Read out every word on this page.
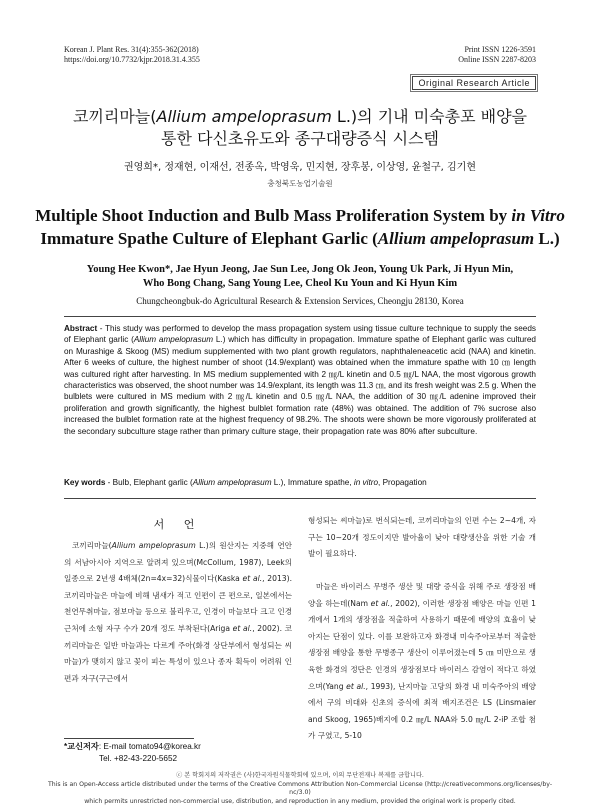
Korean J. Plant Res. 31(4):355-362(2018)
https://doi.org/10.7732/kjpr.2018.31.4.355
Print ISSN 1226-3591
Online ISSN 2287-8203
Original Research Article
코끼리마늘(Allium ampeloprasum L.)의 기내 미숙총포 배양을
통한 다신초유도와 종구대량증식 시스템
권영희*, 정재현, 이재선, 전종옥, 박영욱, 민지현, 장후봉, 이상영, 윤철구, 김기현
충청북도농업기술원
Multiple Shoot Induction and Bulb Mass Proliferation System by in Vitro
Immature Spathe Culture of Elephant Garlic (Allium ampeloprasum L.)
Young Hee Kwon*, Jae Hyun Jeong, Jae Sun Lee, Jong Ok Jeon, Young Uk Park, Ji Hyun Min,
Who Bong Chang, Sang Young Lee, Cheol Ku Youn and Ki Hyun Kim
Chungcheongbuk-do Agricultural Research & Extension Services, Cheongju 28130, Korea
Abstract - This study was performed to develop the mass propagation system using tissue culture technique to supply the seeds of Elephant garlic (Allium ampeloprasum L.) which has difficulty in propagation. Immature spathe of Elephant garlic was cultured on Murashige & Skoog (MS) medium supplemented with two plant growth regulators, naphthaleneacetic acid (NAA) and kinetin. After 6 weeks of culture, the highest number of shoot (14.9/explant) was obtained when the immature spathe with 10 ㎝ length was cultured right after harvesting. In MS medium supplemented with 2 ㎎/L kinetin and 0.5 ㎎/L NAA, the most vigorous growth characteristics was observed, the shoot number was 14.9/explant, its length was 11.3 ㎝, and its fresh weight was 2.5 g. When the bulblets were cultured in MS medium with 2 ㎎/L kinetin and 0.5 ㎎/L NAA, the addition of 30 ㎎/L adenine improved their proliferation and growth significantly, the highest bulblet formation rate (48%) was obtained. The addition of 7% sucrose also increased the bulblet formation rate at the highest frequency of 98.2%. The shoots were shown be more vigorously proliferated at the secondary subculture stage rather than primary culture stage, their propagation rate was 80% after subculture.
Key words - Bulb, Elephant garlic (Allium ampeloprasum L.), Immature spathe, in vitro, Propagation
서 언
코끼리마늘(Allium ampeloprasum L.)의 원산지는 지중해 연안의 서남아시아 지역으로 알려져 있으며(McCollum, 1987), Leek의 일종으로 2년생 4배체(2n=4x=32)식물이다(Kaska et al., 2013). 코끼리마늘은 마늘에 비해 냄새가 적고 인편이 큰 편으로, 일본에서는 천연무취마늘, 점보마늘 등으로 불리우고, 인경이 마늘보다 크고 인경 근처에 소형 자구 수가 20개 정도 부착된다(Ariga et al., 2002). 코끼리마늘은 일반 마늘과는 다르게 주아(화경 상단부에서 형성되는 씨마늘)가 맺히지 않고 꽃이 피는 특성이 있으나 종자 획득이 어려워 인편과 자구(구근에서
*교신저자: E-mail tomato94@korea.kr
Tel. +82-43-220-5652
형성되는 씨마늘)로 번식되는데, 코끼리마늘의 인편 수는 2~4개, 자구는 10~20개 정도이지만 발아율이 낮아 대량생산을 위한 기술 개발이 필요하다.
마늘은 바이러스 무병주 생산 및 대량 증식을 위해 주로 생장점 배양을 하는데(Nam et al., 2002), 이러한 생장점 배양은 마늘 인편 1개에서 1개의 생장점을 적출하여 사용하기 때문에 배양의 효율이 낮아지는 단점이 있다. 이를 보완하고자 화경내 미숙주아로부터 적출한 생장점 배양을 통한 무병종구 생산이 이루어졌는데 5 ㎝ 미만으로 생육한 화경의 정단은 인경의 생장점보다 바이러스 감염이 적다고 하였으며(Yang et al., 1993), 난지마늘 고당의 화경 내 미숙주아의 배양에서 구의 비대와 신초의 증식에 최적 배지조건은 LS (Linsmaier and Skoog, 1965)배지에 0.2 ㎎/L NAA와 5.0 ㎎/L 2-iP 조합 첨가 구였고, 5-10
ⓒ 본 학회지의 저작권은 (사)한국자원식물학회에 있으며, 이의 무단전재나 복제를 금합니다.
This is an Open-Access article distributed under the terms of the Creative Commons Attribution Non-Commercial License (http://creativecommons.org/licenses/by-nc/3.0)
which permits unrestricted non-commercial use, distribution, and reproduction in any medium, provided the original work is properly cited.
